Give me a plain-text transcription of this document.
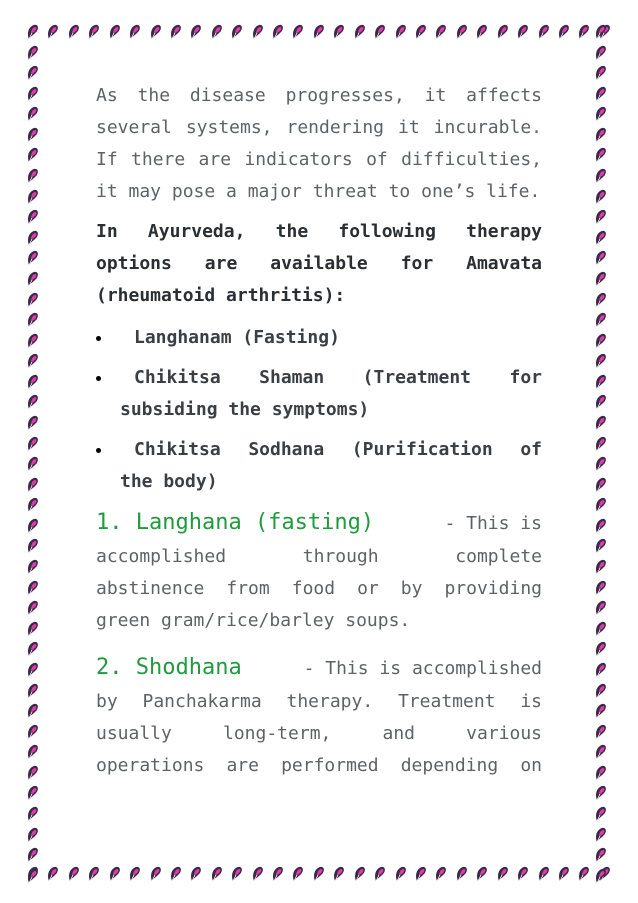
As the disease progresses, it affects
several systems, rendering it incurable.
If there are indicators of difficulties,
it may pose a major threat to one’s life.
In Ayurveda, the following therapy
options are available for Amavata
(rheumatoid arthritis):
Langhanam (Fasting)
Chikitsa Shaman (Treatment for
subsiding the symptoms)
Chikitsa Sodhana (Purification of
the body)
1. Langhana (fasting)	- This is
accomplished through complete
abstinence from food or by providing
green gram/rice/barley soups.
2. Shodhana	- This is accomplished
by Panchakarma therapy. Treatment is
usually long-term, and various
operations are performed depending on
